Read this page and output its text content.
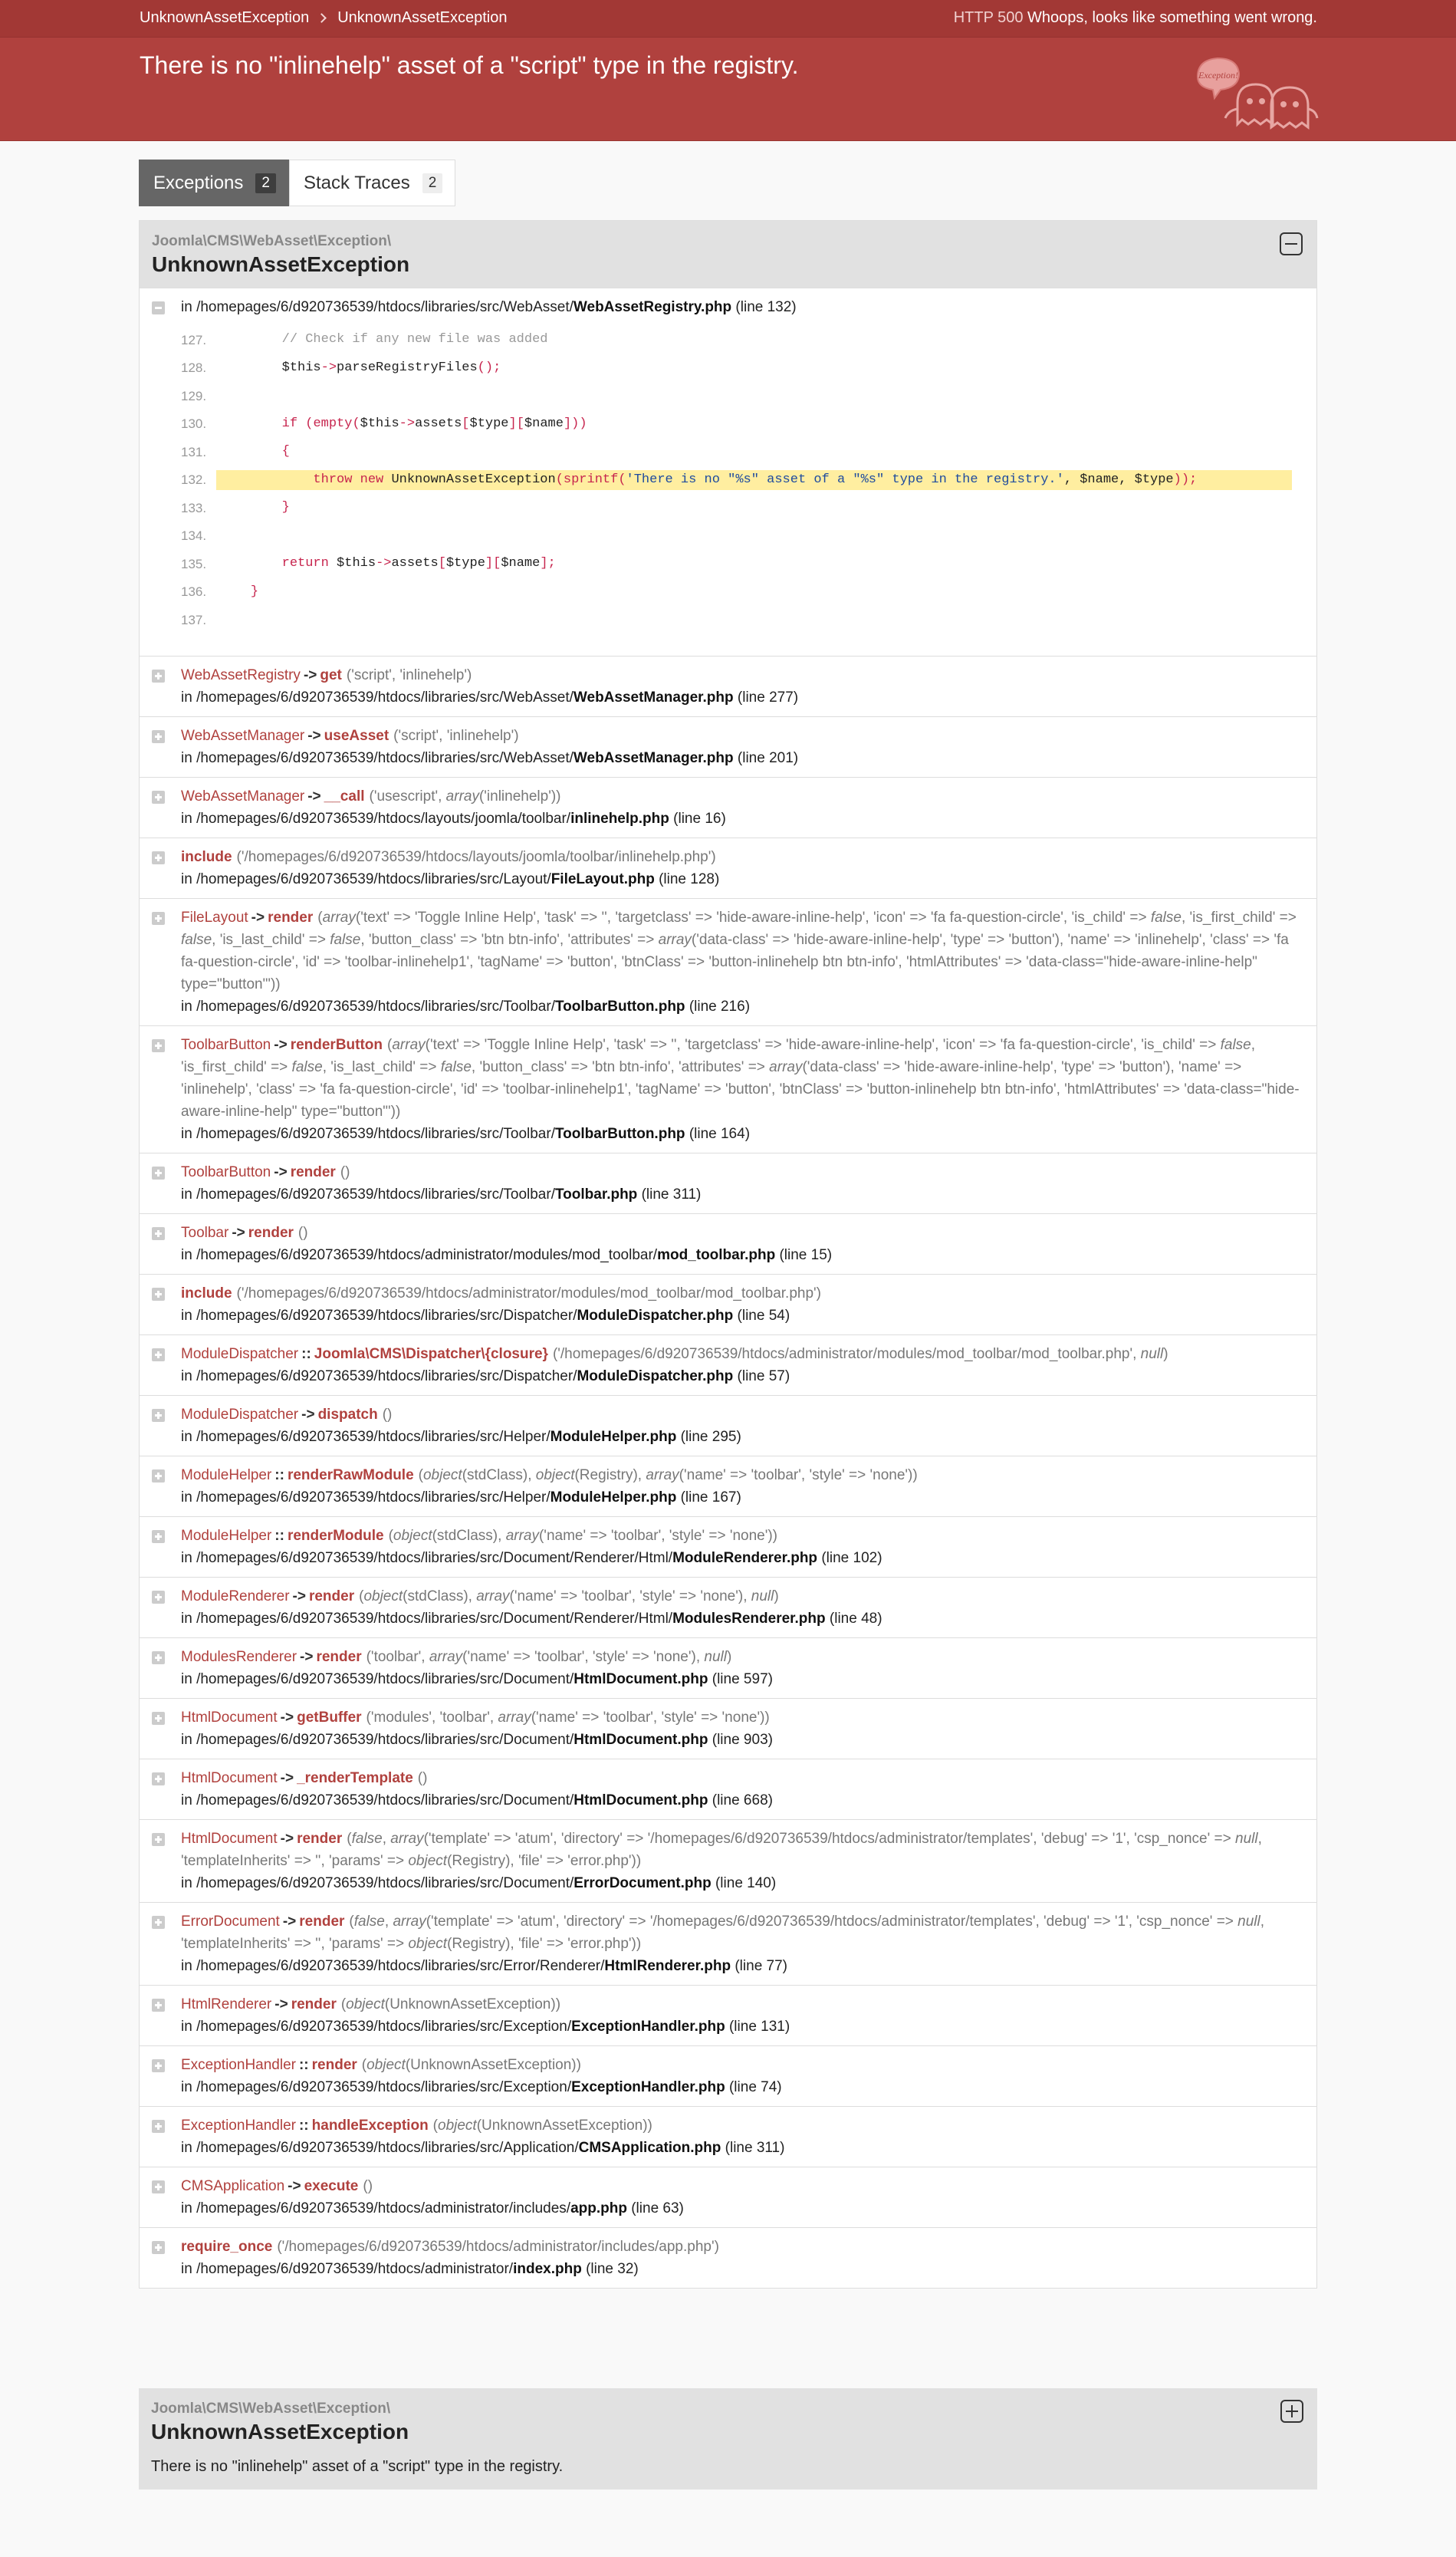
UnknownAssetException UnknownAssetException	HTTP 500 Whoops, looks like something went wrong.
There is no "inlinehelp" asset of a "script" type in the registry.	Exception!
Exceptions	2	Stack Traces	2
Joomla\CMS\WebAsset\Exception\
UnknownAssetException
in /homepages/6/d920736539/htdocs/libraries/src/WebAsset/WebAssetRegistry.php (line 132)
127. // Check if any new file was added
128. $this->parseRegistryFiles();
129.
130.	if (empty($this->assets[$type][$name]))
131.	{
132.	throw new UnknownAssetException(sprintf('There is no "%s" asset of a "%s" type in the registry.', $name, $type));
133.	}
134.
135.	return $this->assets[$type][$name];
136.	}
137.
WebAssetRegistry -> get ('script', 'inlinehelp')
in /homepages/6/d920736539/htdocs/libraries/src/WebAsset/WebAssetManager.php (line 277)
WebAssetManager -> useAsset ('script', 'inlinehelp')
in /homepages/6/d920736539/htdocs/libraries/src/WebAsset/WebAssetManager.php (line 201)
WebAssetManager -> __call ('usescript', array('inlinehelp'))
in /homepages/6/d920736539/htdocs/layouts/joomla/toolbar/inlinehelp.php (line 16)
include ('/homepages/6/d920736539/htdocs/layouts/joomla/toolbar/inlinehelp.php')
in /homepages/6/d920736539/htdocs/libraries/src/Layout/FileLayout.php (line 128)
FileLayout -> render (array('text' => 'Toggle Inline Help', 'task' => '', 'targetclass' => 'hide-aware-inline-help', 'icon' => 'fa fa-question-circle', 'is_child' => false, 'is_first_child' => false, 'is_last_child' => false, 'button_class' => 'btn btn-info', 'attributes' => array('data-class' => 'hide-aware-inline-help', 'type' => 'button'), 'name' => 'inlinehelp', 'class' => 'fa fa-question-circle', 'id' => 'toolbar-inlinehelp1', 'tagName' => 'button', 'btnClass' => 'button-inlinehelp btn btn-info', 'htmlAttributes' => 'data-class="hide-aware-inline-help" type="button"'))
in /homepages/6/d920736539/htdocs/libraries/src/Toolbar/ToolbarButton.php (line 216)
ToolbarButton -> renderButton (array('text' => 'Toggle Inline Help', 'task' => '', 'targetclass' => 'hide-aware-inline-help', 'icon' => 'fa fa-question-circle', 'is_child' => false, 'is_first_child' => false, 'is_last_child' => false, 'button_class' => 'btn btn-info', 'attributes' => array('data-class' => 'hide-aware-inline-help', 'type' => 'button'), 'name' => 'inlinehelp', 'class' => 'fa fa-question-circle', 'id' => 'toolbar-inlinehelp1', 'tagName' => 'button', 'btnClass' => 'button-inlinehelp btn btn-info', 'htmlAttributes' => 'data-class="hide-aware-inline-help" type="button"'))
in /homepages/6/d920736539/htdocs/libraries/src/Toolbar/ToolbarButton.php (line 164)
ToolbarButton -> render ()
in /homepages/6/d920736539/htdocs/libraries/src/Toolbar/Toolbar.php (line 311)
Toolbar -> render ()
in /homepages/6/d920736539/htdocs/administrator/modules/mod_toolbar/mod_toolbar.php (line 15)
include ('/homepages/6/d920736539/htdocs/administrator/modules/mod_toolbar/mod_toolbar.php')
in /homepages/6/d920736539/htdocs/libraries/src/Dispatcher/ModuleDispatcher.php (line 54)
ModuleDispatcher :: Joomla\CMS\Dispatcher\{closure} ('/homepages/6/d920736539/htdocs/administrator/modules/mod_toolbar/mod_toolbar.php', null)
in /homepages/6/d920736539/htdocs/libraries/src/Dispatcher/ModuleDispatcher.php (line 57)
ModuleDispatcher -> dispatch ()
in /homepages/6/d920736539/htdocs/libraries/src/Helper/ModuleHelper.php (line 295)
ModuleHelper :: renderRawModule (object(stdClass), object(Registry), array('name' => 'toolbar', 'style' => 'none'))
in /homepages/6/d920736539/htdocs/libraries/src/Helper/ModuleHelper.php (line 167)
ModuleHelper :: renderModule (object(stdClass), array('name' => 'toolbar', 'style' => 'none'))
in /homepages/6/d920736539/htdocs/libraries/src/Document/Renderer/Html/ModuleRenderer.php (line 102)
ModuleRenderer -> render (object(stdClass), array('name' => 'toolbar', 'style' => 'none'), null)
in /homepages/6/d920736539/htdocs/libraries/src/Document/Renderer/Html/ModulesRenderer.php (line 48)
ModulesRenderer -> render ('toolbar', array('name' => 'toolbar', 'style' => 'none'), null)
in /homepages/6/d920736539/htdocs/libraries/src/Document/HtmlDocument.php (line 597)
HtmlDocument -> getBuffer ('modules', 'toolbar', array('name' => 'toolbar', 'style' => 'none'))
in /homepages/6/d920736539/htdocs/libraries/src/Document/HtmlDocument.php (line 903)
HtmlDocument -> _renderTemplate ()
in /homepages/6/d920736539/htdocs/libraries/src/Document/HtmlDocument.php (line 668)
HtmlDocument -> render (false, array('template' => 'atum', 'directory' => '/homepages/6/d920736539/htdocs/administrator/templates', 'debug' => '1', 'csp_nonce' => null, 'templateInherits' => '', 'params' => object(Registry), 'file' => 'error.php'))
in /homepages/6/d920736539/htdocs/libraries/src/Document/ErrorDocument.php (line 140)
ErrorDocument -> render (false, array('template' => 'atum', 'directory' => '/homepages/6/d920736539/htdocs/administrator/templates', 'debug' => '1', 'csp_nonce' => null, 'templateInherits' => '', 'params' => object(Registry), 'file' => 'error.php'))
in /homepages/6/d920736539/htdocs/libraries/src/Error/Renderer/HtmlRenderer.php (line 77)
HtmlRenderer -> render (object(UnknownAssetException))
in /homepages/6/d920736539/htdocs/libraries/src/Exception/ExceptionHandler.php (line 131)
ExceptionHandler :: render (object(UnknownAssetException))
in /homepages/6/d920736539/htdocs/libraries/src/Exception/ExceptionHandler.php (line 74)
ExceptionHandler :: handleException (object(UnknownAssetException))
in /homepages/6/d920736539/htdocs/libraries/src/Application/CMSApplication.php (line 311)
CMSApplication -> execute ()
in /homepages/6/d920736539/htdocs/administrator/includes/app.php (line 63)
require_once ('/homepages/6/d920736539/htdocs/administrator/includes/app.php')
in /homepages/6/d920736539/htdocs/administrator/index.php (line 32)
Joomla\CMS\WebAsset\Exception\
UnknownAssetException
There is no "inlinehelp" asset of a "script" type in the registry.
